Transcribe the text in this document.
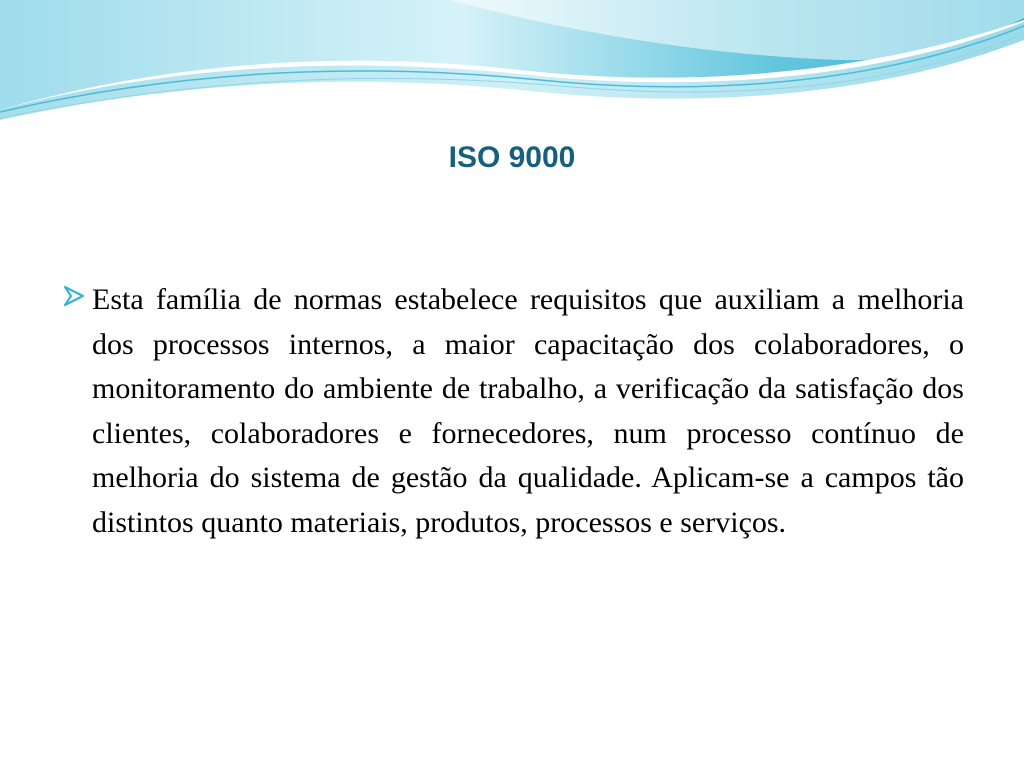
ISO 9000

Esta família de normas estabelece requisitos que auxiliam a melhoria dos processos internos, a maior capacitação dos colaboradores, o monitoramento do ambiente de trabalho, a verificação da satisfação dos clientes, colaboradores e fornecedores, num processo contínuo de melhoria do sistema de gestão da qualidade. Aplicam-se a campos tão distintos quanto materiais, produtos, processos e serviços.
